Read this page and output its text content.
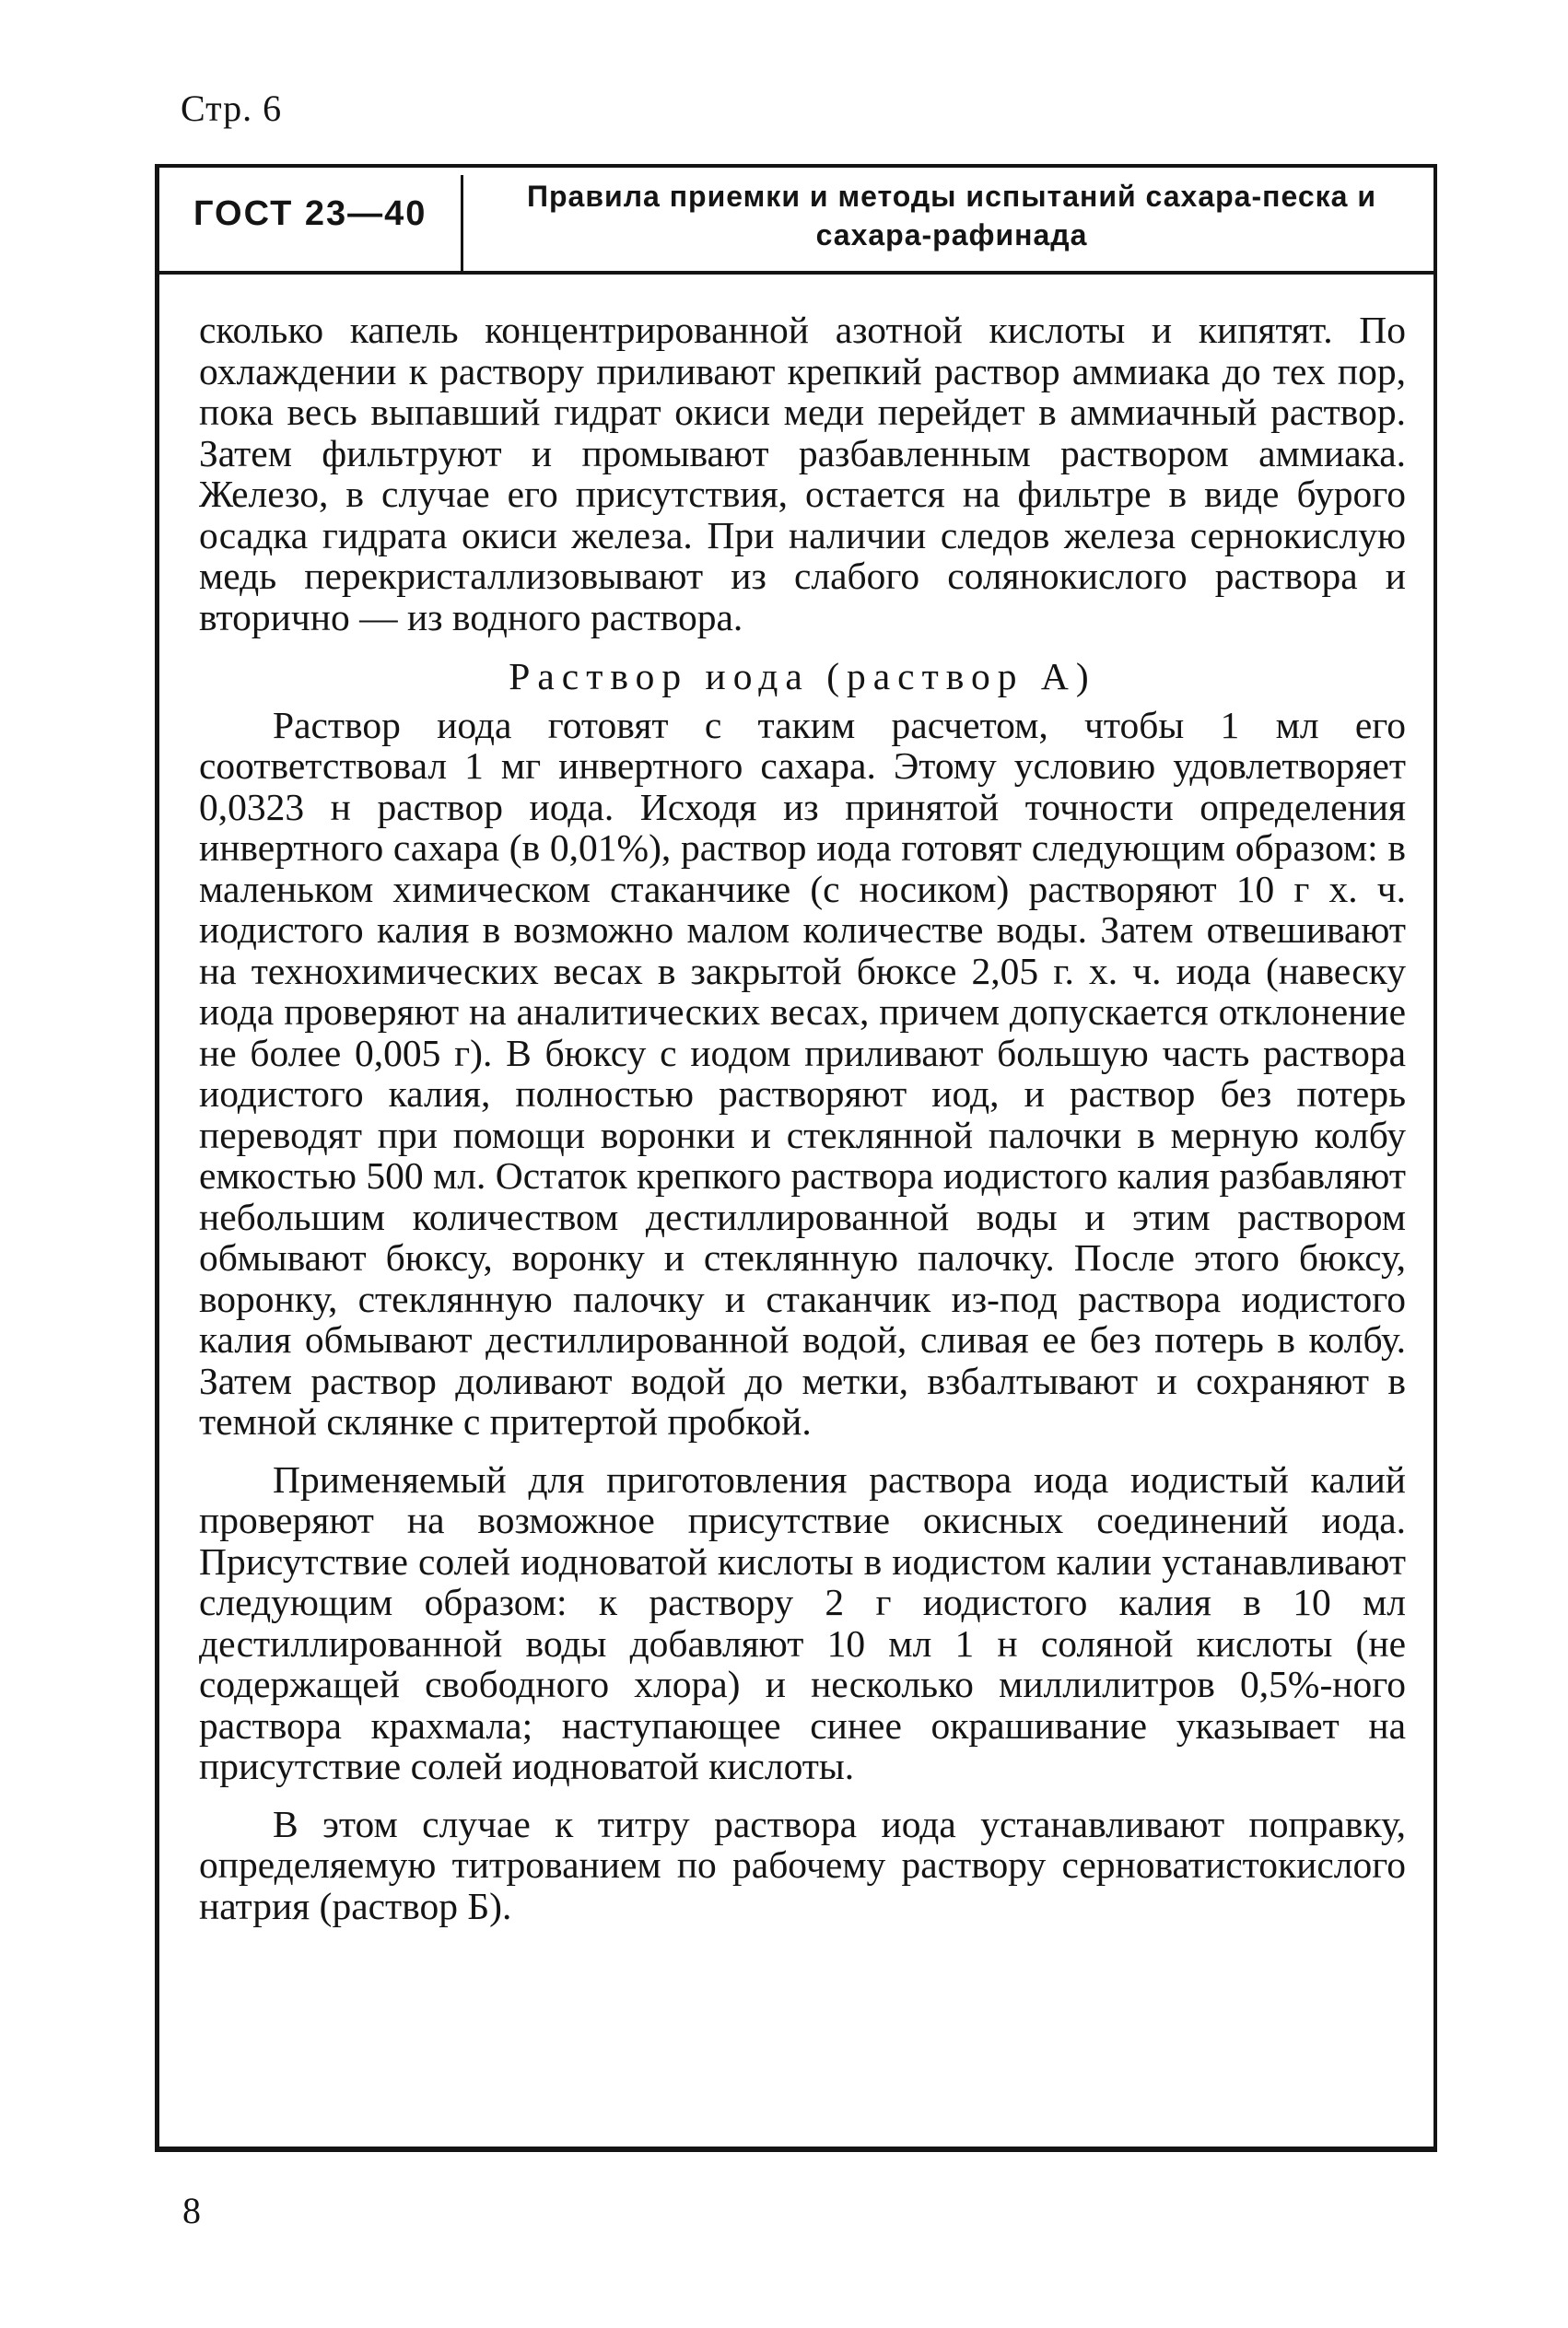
Стр. 6
ГОСТ 23—40	Правила приемки и методы испытаний сахара-песка и сахара-рафинада

сколько капель концентрированной азотной кислоты и кипятят. По охлаждении к раствору приливают крепкий раствор аммиака до тех пор, пока весь выпавший гидрат окиси меди перейдет в аммиачный раствор. Затем фильтруют и промывают разбавленным раствором аммиака. Железо, в случае его присутствия, остается на фильтре в виде бурого осадка гидрата окиси железа. При наличии следов железа сернокислую медь перекристаллизовывают из слабого солянокислого раствора и вторично — из водного раствора.

Раствор иода (раствор А)

Раствор иода готовят с таким расчетом, чтобы 1 мл его соответствовал 1 мг инвертного сахара. Этому условию удовлетворяет 0,0323 н раствор иода. Исходя из принятой точности определения инвертного сахара (в 0,01%), раствор иода готовят следующим образом: в маленьком химическом стаканчике (с носиком) растворяют 10 г х. ч. иодистого калия в возможно малом количестве воды. Затем отвешивают на технохимических весах в закрытой бюксе 2,05 г. х. ч. иода (навеску иода проверяют на аналитических весах, причем допускается отклонение не более 0,005 г). В бюксу с иодом приливают большую часть раствора иодистого калия, полностью растворяют иод, и раствор без потерь переводят при помощи воронки и стеклянной палочки в мерную колбу емкостью 500 мл. Остаток крепкого раствора иодистого калия разбавляют небольшим количеством дестиллированной воды и этим раствором обмывают бюксу, воронку и стеклянную палочку. После этого бюксу, воронку, стеклянную палочку и стаканчик из-под раствора иодистого калия обмывают дестиллированной водой, сливая ее без потерь в колбу. Затем раствор доливают водой до метки, взбалтывают и сохраняют в темной склянке с притертой пробкой.

Применяемый для приготовления раствора иода иодистый калий проверяют на возможное присутствие окисных соединений иода. Присутствие солей иодноватой кислоты в иодистом калии устанавливают следующим образом: к раствору 2 г иодистого калия в 10 мл дестиллированной воды добавляют 10 мл 1 н соляной кислоты (не содержащей свободного хлора) и несколько миллилитров 0,5%-ного раствора крахмала; наступающее синее окрашивание указывает на присутствие солей иодноватой кислоты.

В этом случае к титру раствора иода устанавливают поправку, определяемую титрованием по рабочему раствору серноватистокислого натрия (раствор Б).

8
